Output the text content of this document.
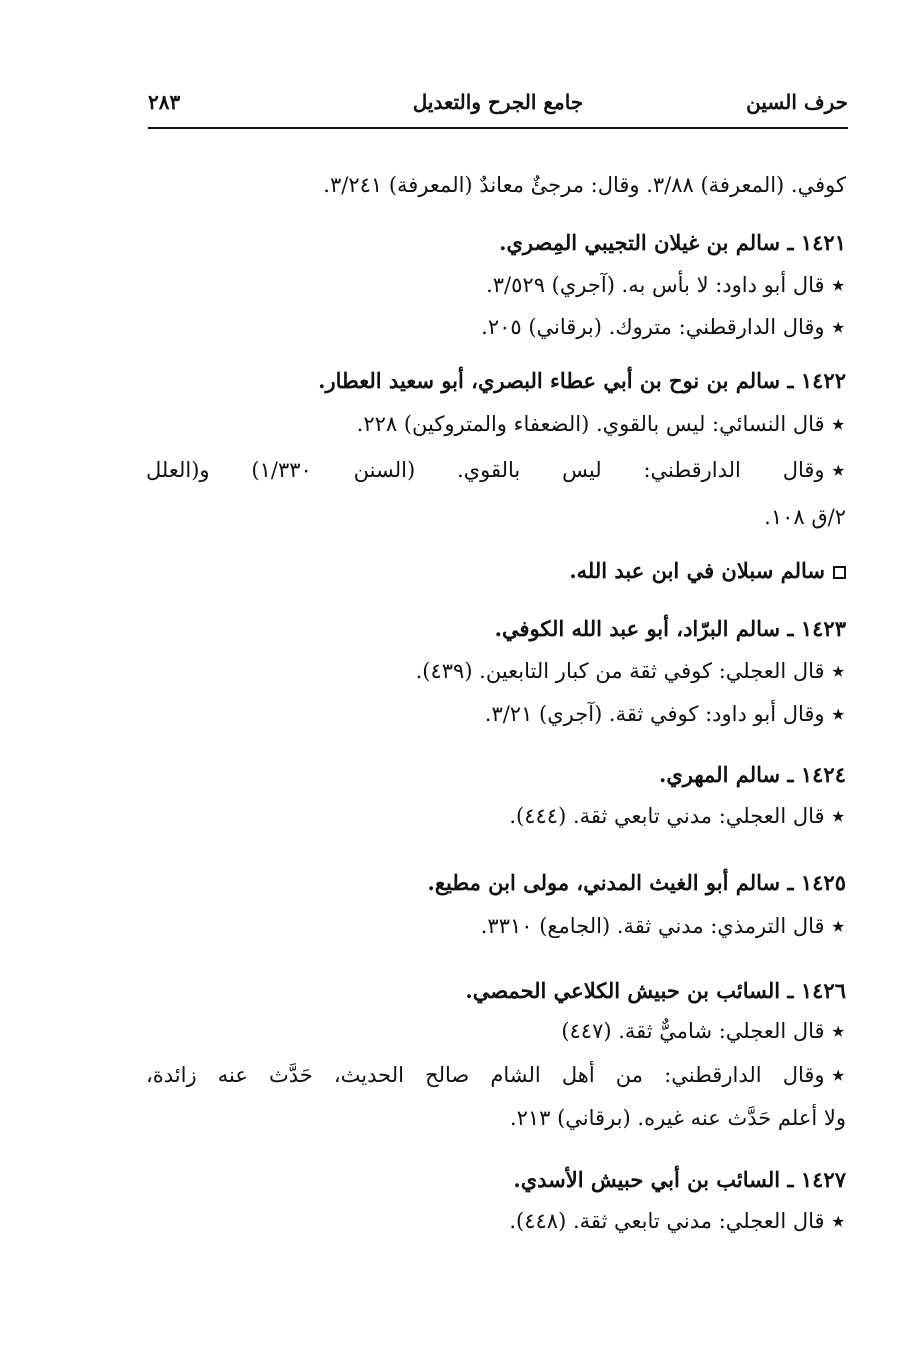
حرف السين
جامع الجرح والتعديل
٢٨٣
كوفي. (المعرفة) ٣/٨٨. وقال: مرجئٌ معاندٌ (المعرفة) ٣/٢٤١.
١٤٢١ ـ سالم بن غيلان التجيبي المِصري.
٭قال أبو داود: لا بأس به. (آجري) ٣/٥٢٩.
٭وقال الدارقطني: متروك. (برقاني) ٢٠٥.
١٤٢٢ ـ سالم بن نوح بن أبي عطاء البصري، أبو سعيد العطار.
٭قال النسائي: ليس بالقوي. (الضعفاء والمتروكين) ٢٢٨.
٭وقال الدارقطني: ليس بالقوي. (السنن ١/٣٣٠) و(العلل
٢/ق ١٠٨.
سالم سبلان في ابن عبد الله.
١٤٢٣ ـ سالم البرّاد، أبو عبد الله الكوفي.
٭قال العجلي: كوفي ثقة من كبار التابعين. (٤٣٩).
٭وقال أبو داود: كوفي ثقة. (آجري) ٣/٢١.
١٤٢٤ ـ سالم المهري.
٭قال العجلي: مدني تابعي ثقة. (٤٤٤).
١٤٢٥ ـ سالم أبو الغيث المدني، مولى ابن مطيع.
٭قال الترمذي: مدني ثقة. (الجامع) ٣٣١٠.
١٤٢٦ ـ السائب بن حبيش الكلاعي الحمصي.
٭قال العجلي: شاميٌّ ثقة. (٤٤٧)
٭وقال الدارقطني: من أهل الشام صالح الحديث، حَدَّث عنه زائدة،
ولا أعلم حَدَّث عنه غيره. (برقاني) ٢١٣.
١٤٢٧ ـ السائب بن أبي حبيش الأسدي.
٭قال العجلي: مدني تابعي ثقة. (٤٤٨).
